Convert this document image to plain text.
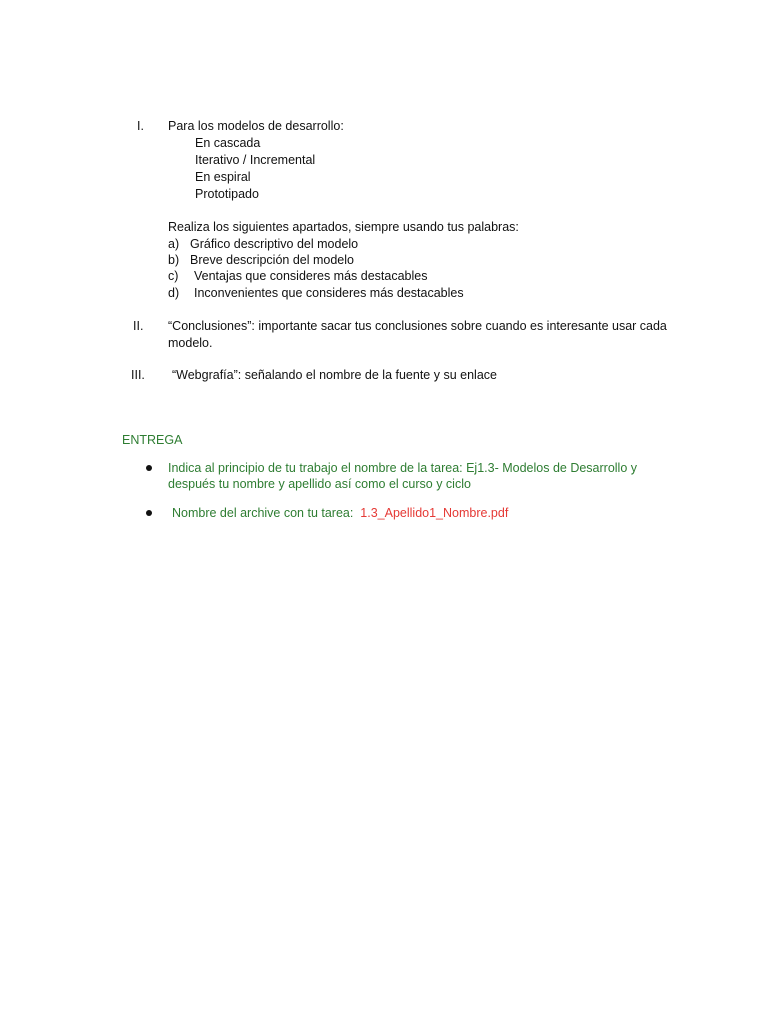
I. Para los modelos de desarrollo:
En cascada
Iterativo / Incremental
En espiral
Prototipado
Realiza los siguientes apartados, siempre usando tus palabras:
a) Gráfico descriptivo del modelo
b) Breve descripción del modelo
c) Ventajas que consideres más destacables
d) Inconvenientes que consideres más destacables
II. “Conclusiones”: importante sacar tus conclusiones sobre cuando es interesante usar cada
modelo.
III. “Webgrafía”: señalando el nombre de la fuente y su enlace
ENTREGA
Indica al principio de tu trabajo el nombre de la tarea: Ej1.3- Modelos de Desarrollo y
después tu nombre y apellido así como el curso y ciclo
Nombre del archive con tu tarea: 1.3_Apellido1_Nombre.pdf
